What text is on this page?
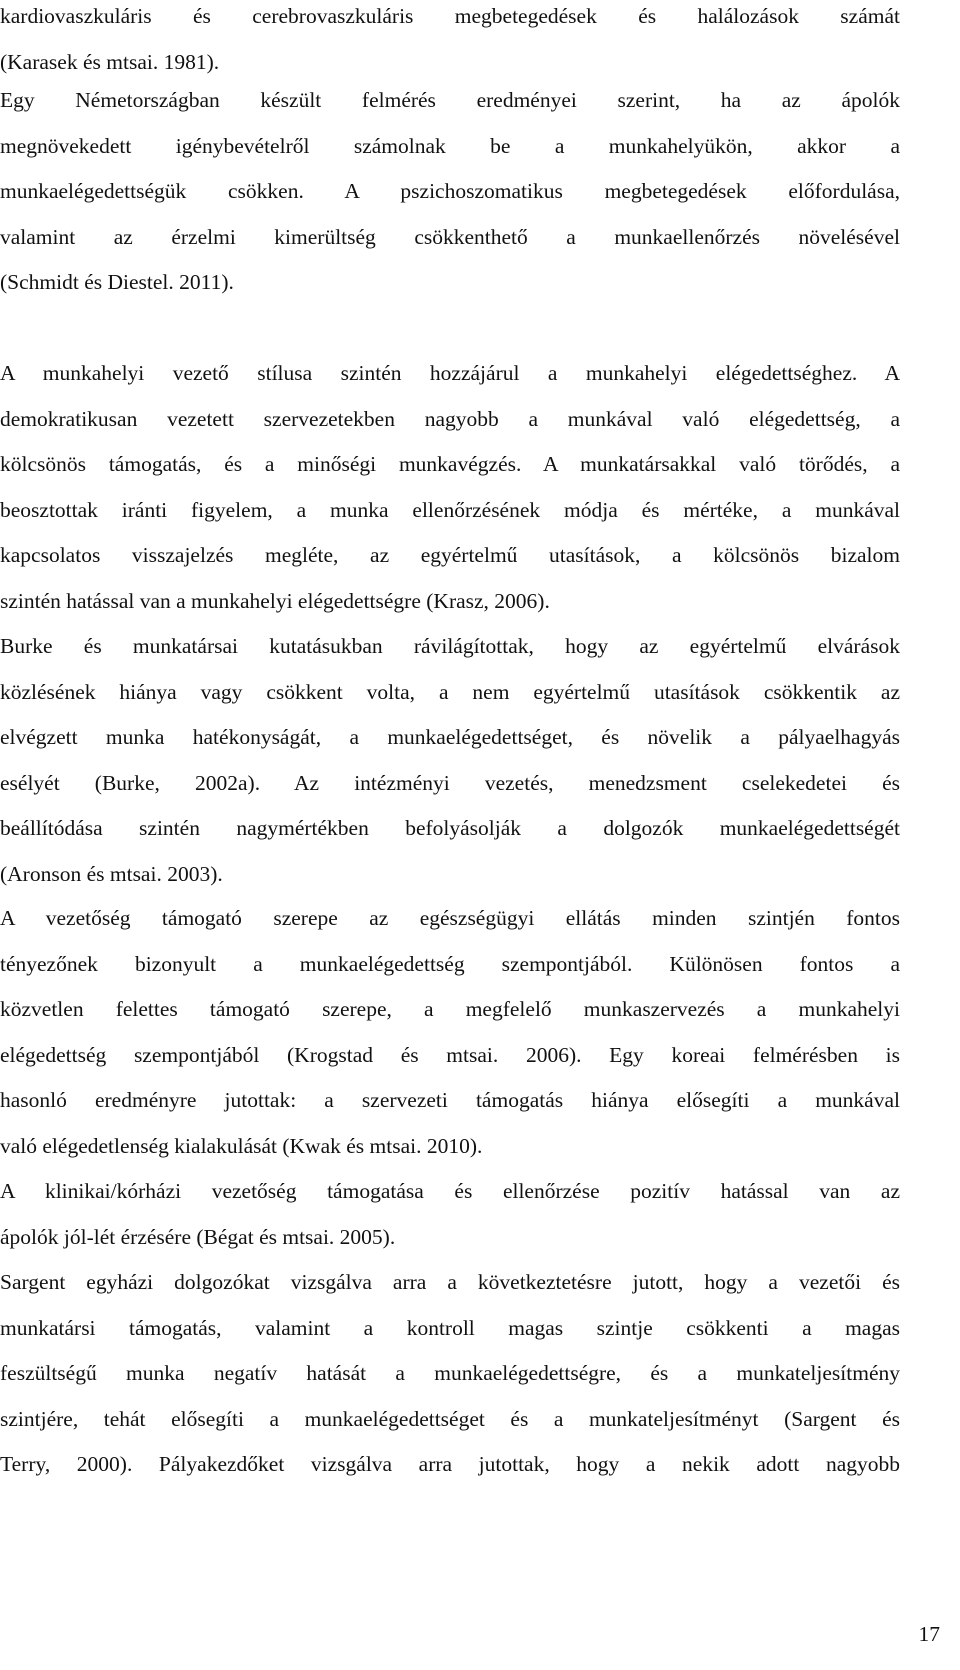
kardiovaszkuláris és cerebrovaszkuláris megbetegedések és halálozások számát
(Karasek és mtsai. 1981).
Egy Németországban készült felmérés eredményei szerint, ha az ápolók
megnövekedett igénybevételről számolnak be a munkahelyükön, akkor a
munkaelégedettségük csökken. A pszichoszomatikus megbetegedések előfordulása,
valamint az érzelmi kimerültség csökkenthető a munkaellenőrzés növelésével
(Schmidt és Diestel. 2011).
A munkahelyi vezető stílusa szintén hozzájárul a munkahelyi elégedettséghez. A
demokratikusan vezetett szervezetekben nagyobb a munkával való elégedettség, a
kölcsönös támogatás, és a minőségi munkavégzés. A munkatársakkal való törődés, a
beosztottak iránti figyelem, a munka ellenőrzésének módja és mértéke, a munkával
kapcsolatos visszajelzés megléte, az egyértelmű utasítások, a kölcsönös bizalom
szintén hatással van a munkahelyi elégedettségre (Krasz, 2006).
Burke és munkatársai kutatásukban rávilágítottak, hogy az egyértelmű elvárások
közlésének hiánya vagy csökkent volta, a nem egyértelmű utasítások csökkentik az
elvégzett munka hatékonyságát, a munkaelégedettséget, és növelik a pályaelhagyás
esélyét (Burke, 2002a). Az intézményi vezetés, menedzsment cselekedetei és
beállítódása szintén nagymértékben befolyásolják a dolgozók munkaelégedettségét
(Aronson és mtsai. 2003).
A vezetőség támogató szerepe az egészségügyi ellátás minden szintjén fontos
tényezőnek bizonyult a munkaelégedettség szempontjából. Különösen fontos a
közvetlen felettes támogató szerepe, a megfelelő munkaszervezés a munkahelyi
elégedettség szempontjából (Krogstad és mtsai. 2006). Egy koreai felmérésben is
hasonló eredményre jutottak: a szervezeti támogatás hiánya elősegíti a munkával
való elégedetlenség kialakulását (Kwak és mtsai. 2010).
A klinikai/kórházi vezetőség támogatása és ellenőrzése pozitív hatással van az
ápolók jól-lét érzésére (Bégat és mtsai. 2005).
Sargent egyházi dolgozókat vizsgálva arra a következtetésre jutott, hogy a vezetői és
munkatársi támogatás, valamint a kontroll magas szintje csökkenti a magas
feszültségű munka negatív hatását a munkaelégedettségre, és a munkateljesítmény
szintjére, tehát elősegíti a munkaelégedettséget és a munkateljesítményt (Sargent és
Terry, 2000). Pályakezdőket vizsgálva arra jutottak, hogy a nekik adott nagyobb
17
